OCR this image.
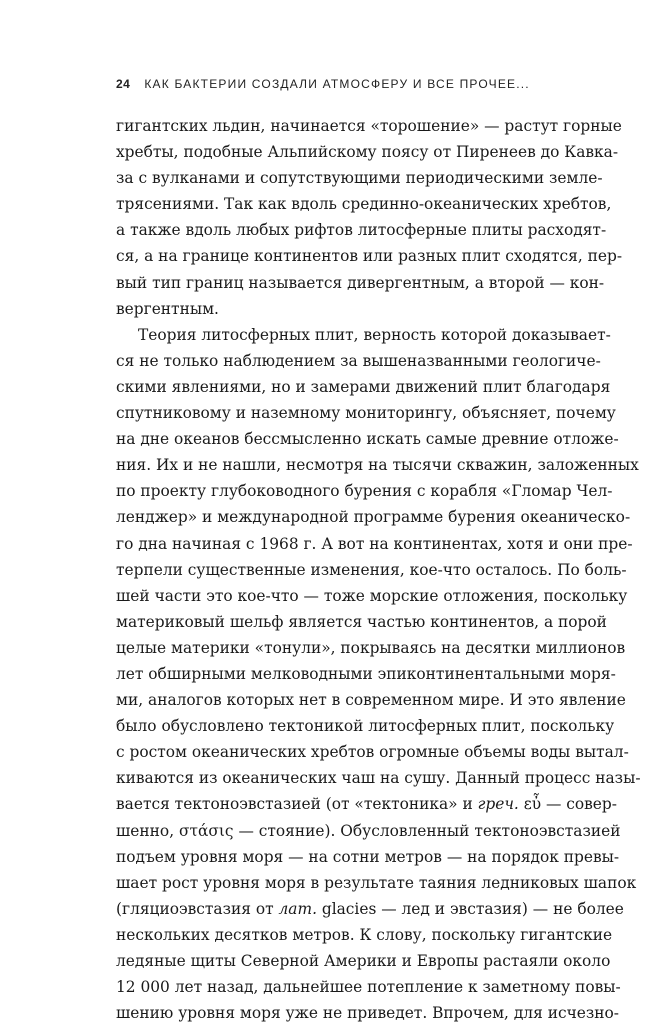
24 КАК БАКТЕРИИ СОЗДАЛИ АТМОСФЕРУ И ВСЕ ПРОЧЕЕ...
гигантских льдин, начинается «торошение» — растут горные
хребты, подобные Альпийскому поясу от Пиренеев до Кавка-
за с вулканами и сопутствующими периодическими земле-
трясениями. Так как вдоль срединно-океанических хребтов,
а также вдоль любых рифтов литосферные плиты расходят-
ся, а на границе континентов или разных плит сходятся, пер-
вый тип границ называется дивергентным, а второй — кон-
вергентным.
Теория литосферных плит, верность которой доказывает-
ся не только наблюдением за вышеназванными геологиче-
скими явлениями, но и замерами движений плит благодаря
спутниковому и наземному мониторингу, объясняет, почему
на дне океанов бессмысленно искать самые древние отложе-
ния. Их и не нашли, несмотря на тысячи скважин, заложенных
по проекту глубоководного бурения с корабля «Гломар Чел-
ленджер» и международной программе бурения океаническо-
го дна начиная с 1968 г. А вот на континентах, хотя и они пре-
терпели существенные изменения, кое-что осталось. По боль-
шей части это кое-что — тоже морские отложения, поскольку
материковый шельф является частью континентов, а порой
целые материки «тонули», покрываясь на десятки миллионов
лет обширными мелководными эпиконтинентальными моря-
ми, аналогов которых нет в современном мире. И это явление
было обусловлено тектоникой литосферных плит, поскольку
с ростом океанических хребтов огромные объемы воды вытал-
киваются из океанических чаш на сушу. Данный процесс назы-
вается тектоноэвстазией (от «тектоника» и греч. εὖ — совер-
шенно, στάσις — стояние). Обусловленный тектоноэвстазией
подъем уровня моря — на сотни метров — на порядок превы-
шает рост уровня моря в результате таяния ледниковых шапок
(гляциоэвстазия от лат. glacies — лед и эвстазия) — не более
нескольких десятков метров. К слову, поскольку гигантские
ледяные щиты Северной Америки и Европы растаяли около
12 000 лет назад, дальнейшее потепление к заметному повы-
шению уровня моря уже не приведет. Впрочем, для исчезно-
